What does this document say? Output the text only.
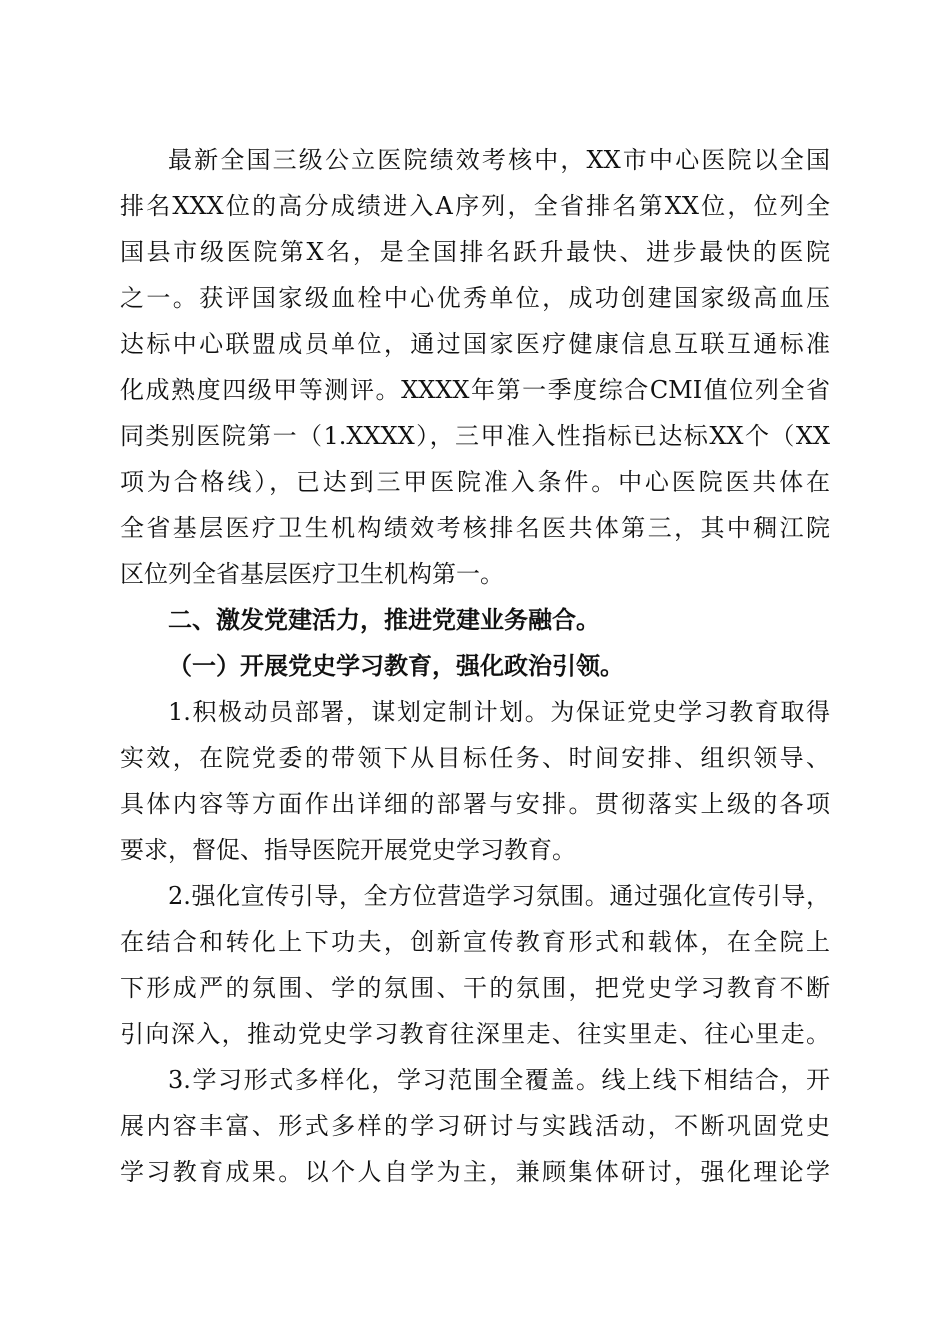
最新全国三级公立医院绩效考核中，XX市中心医院以全国
排名XXX位的高分成绩进入A序列，全省排名第XX位，位列全
国县市级医院第X名，是全国排名跃升最快、进步最快的医院
之一。获评国家级血栓中心优秀单位，成功创建国家级高血压
达标中心联盟成员单位，通过国家医疗健康信息互联互通标准
化成熟度四级甲等测评。XXXX年第一季度综合CMI值位列全省
同类别医院第一（1.XXXX），三甲准入性指标已达标XX个（XX
项为合格线），已达到三甲医院准入条件。中心医院医共体在
全省基层医疗卫生机构绩效考核排名医共体第三，其中稠江院
区位列全省基层医疗卫生机构第一。
二、激发党建活力，推进党建业务融合。
（一）开展党史学习教育，强化政治引领。
1.积极动员部署，谋划定制计划。为保证党史学习教育取得
实效，在院党委的带领下从目标任务、时间安排、组织领导、
具体内容等方面作出详细的部署与安排。贯彻落实上级的各项
要求，督促、指导医院开展党史学习教育。
2.强化宣传引导，全方位营造学习氛围。通过强化宣传引导，
在结合和转化上下功夫，创新宣传教育形式和载体，在全院上
下形成严的氛围、学的氛围、干的氛围，把党史学习教育不断
引向深入，推动党史学习教育往深里走、往实里走、往心里走。
3.学习形式多样化，学习范围全覆盖。线上线下相结合，开
展内容丰富、形式多样的学习研讨与实践活动，不断巩固党史
学习教育成果。以个人自学为主，兼顾集体研讨，强化理论学
